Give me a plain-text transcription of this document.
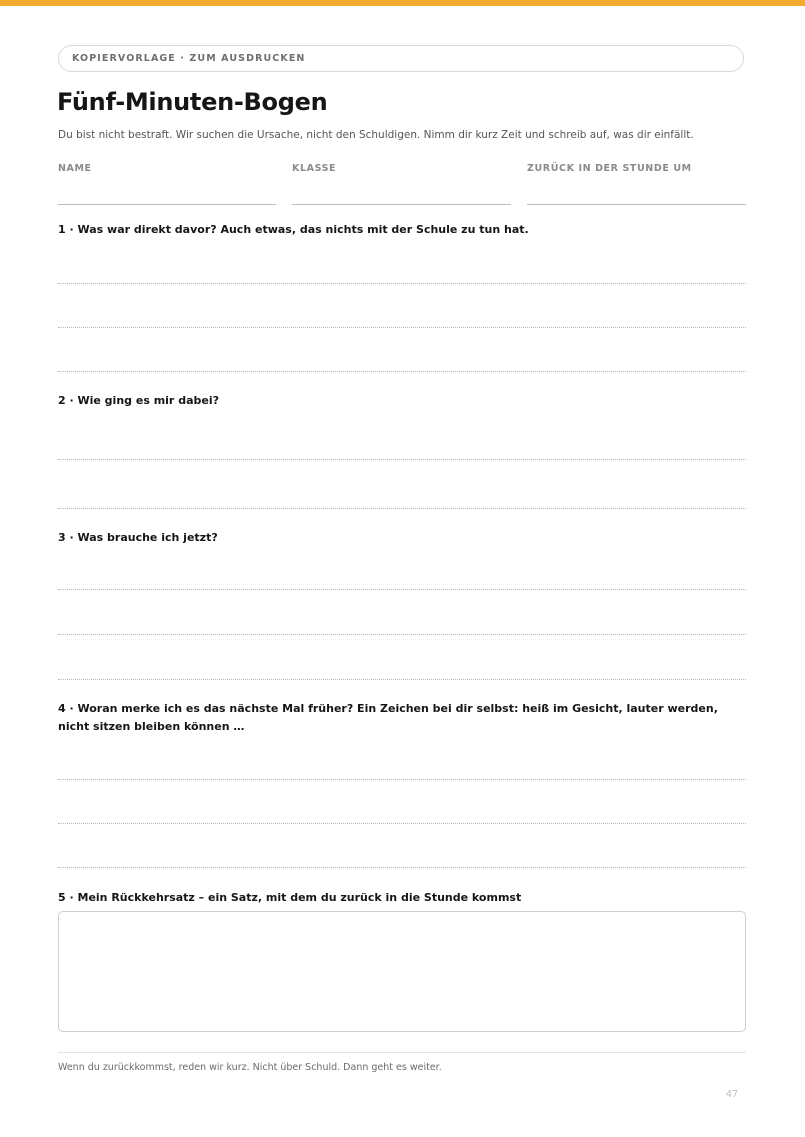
KOPIERVORLAGE · ZUM AUSDRUCKEN
Fünf-Minuten-Bogen
Du bist nicht bestraft. Wir suchen die Ursache, nicht den Schuldigen. Nimm dir kurz Zeit und schreib auf, was dir einfällt.
NAME	KLASSE	ZURÜCK IN DER STUNDE UM

1 · Was war direkt davor? Auch etwas, das nichts mit der Schule zu tun hat.

2 · Wie ging es mir dabei?

3 · Was brauche ich jetzt?

4 · Woran merke ich es das nächste Mal früher? Ein Zeichen bei dir selbst: heiß im Gesicht, lauter werden, nicht sitzen bleiben können …

5 · Mein Rückkehrsatz – ein Satz, mit dem du zurück in die Stunde kommst

Wenn du zurückkommst, reden wir kurz. Nicht über Schuld. Dann geht es weiter.
47
